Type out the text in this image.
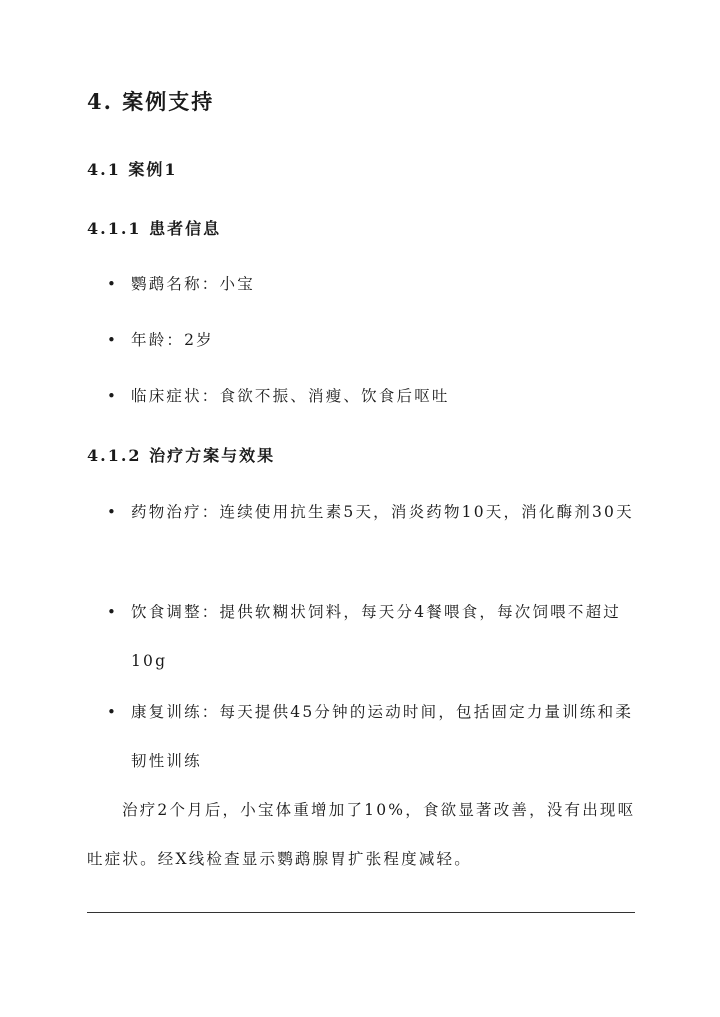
4. 案例支持
4.1 案例1
4.1.1 患者信息
• 鹦鹉名称：小宝
• 年龄：2岁
• 临床症状：食欲不振、消瘦、饮食后呕吐
4.1.2 治疗方案与效果
• 药物治疗：连续使用抗生素5天，消炎药物10天，消化酶剂30天
• 饮食调整：提供软糊状饲料，每天分4餐喂食，每次饲喂不超过10g
• 康复训练：每天提供45分钟的运动时间，包括固定力量训练和柔韧性训练
治疗2个月后，小宝体重增加了10%，食欲显著改善，没有出现呕吐症状。经X线检查显示鹦鹉腺胃扩张程度减轻。
